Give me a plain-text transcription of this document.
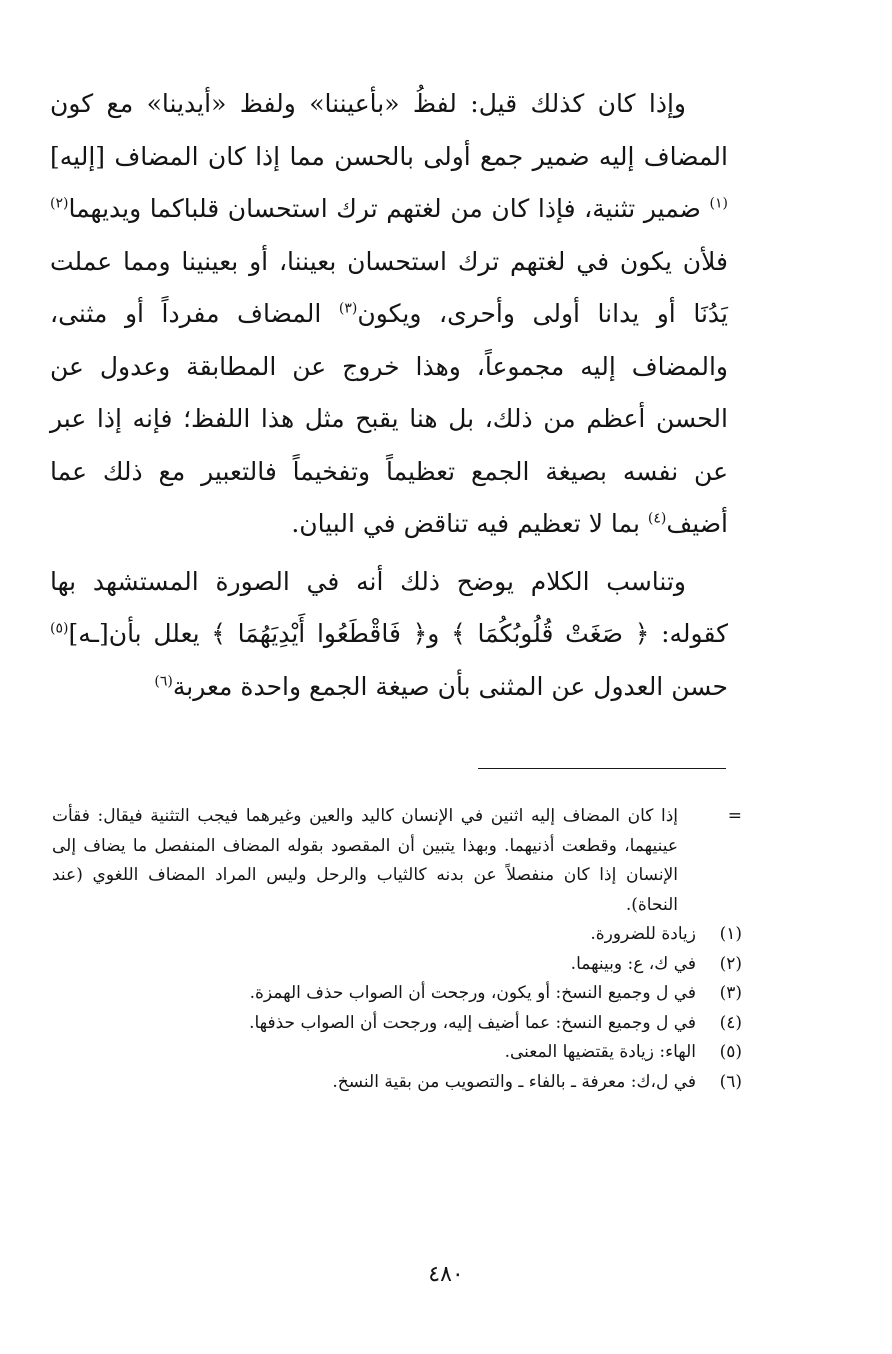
وإذا كان كذلك قيل: لفظُ «بأعيننا» ولفظ «أيدينا» مع كون المضاف إليه ضمير جمع أولى بالحسن مما إذا كان المضاف [إليه]$^{(١)}$ ضمير تثنية، فإذا كان من لغتهم ترك استحسان قلباكما ويديهما$^{(٢)}$ فلأن يكون في لغتهم ترك استحسان بعيننا، أو بعينينا ومما عملت يَدُنَا أو يدانا أولى وأحرى، ويكون$^{(٣)}$ المضاف مفرداً أو مثنى، والمضاف إليه مجموعاً، وهذا خروج عن المطابقة وعدول عن الحسن أعظم من ذلك، بل هنا يقبح مثل هذا اللفظ؛ فإنه إذا عبر عن نفسه بصيغة الجمع تعظيماً وتفخيماً فالتعبير مع ذلك عما أضيف$^{(٤)}$ بما لا تعظيم فيه تناقض في البيان.

وتناسب الكلام يوضح ذلك أنه في الصورة المستشهد بها كقوله: ﴿ صَغَتْ قُلُوبُكُمَا ﴾ و﴿ فَاقْطَعُوا أَيْدِيَهُمَا ﴾ يعلل بأن[ـه]$^{(٥)}$ حسن العدول عن المثنى بأن صيغة الجمع واحدة معربة$^{(٦)}$

=
إذا كان المضاف إليه اثنين في الإنسان كاليد والعين وغيرهما فيجب التثنية فيقال: فقأت عينيهما، وقطعت أذنيهما. وبهذا يتبين أن المقصود بقوله المضاف المنفصل ما يضاف إلى الإنسان إذا كان منفصلاً عن بدنه كالثياب والرحل وليس المراد المضاف اللغوي (عند النحاة).
(١)
زيادة للضرورة.
(٢)
في ك، ع: وبينهما.
(٣)
في ل وجميع النسخ: أو يكون، ورجحت أن الصواب حذف الهمزة.
(٤)
في ل وجميع النسخ: عما أضيف إليه، ورجحت أن الصواب حذفها.
(٥)
الهاء: زيادة يقتضيها المعنى.
(٦)
في ل،ك: معرفة ـ بالفاء ـ والتصويب من بقية النسخ.
٤٨٠
